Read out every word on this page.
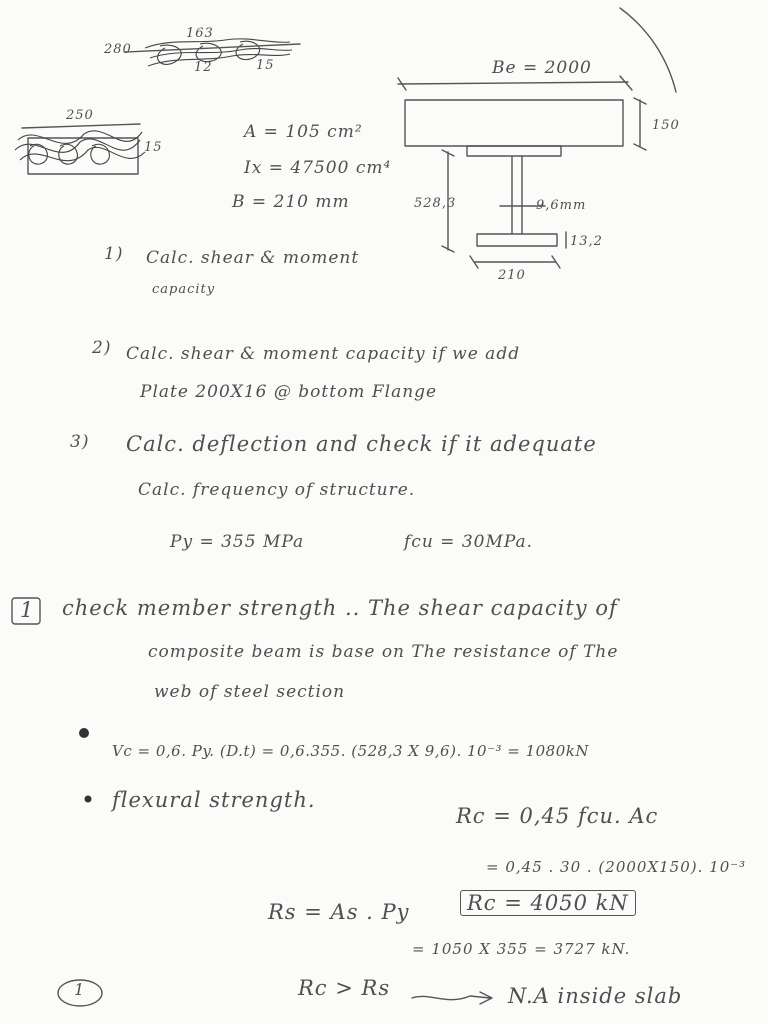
280
163
12	15
250
15
A = 105 cm²
Ix = 47500 cm⁴
B = 210 mm
Be = 2000
150
528,3	9,6mm
13,2
210
1) Calc. shear & moment
capacity
2) Calc. shear & moment capacity if we add
Plate 200X16 @ bottom Flange
3) Calc. deflection and check if it adequate
Calc. frequency of structure.
Py = 355 MPa	fcu = 30MPa.
1 check member strength .. The shear capacity of
composite beam is base on The resistance of The
web of steel section
Vc = 0,6. Py. (D.t) = 0,6.355. (528,3 X 9,6). 10⁻³ = 1080kN
flexural strength.
Rc = 0,45 fcu. Ac
= 0,45 . 30 . (2000X150). 10⁻³
Rc = 4050 kN
Rs = As . Py
= 1050 X 355 = 3727 kN.
1	Rc > Rs	N.A inside slab
